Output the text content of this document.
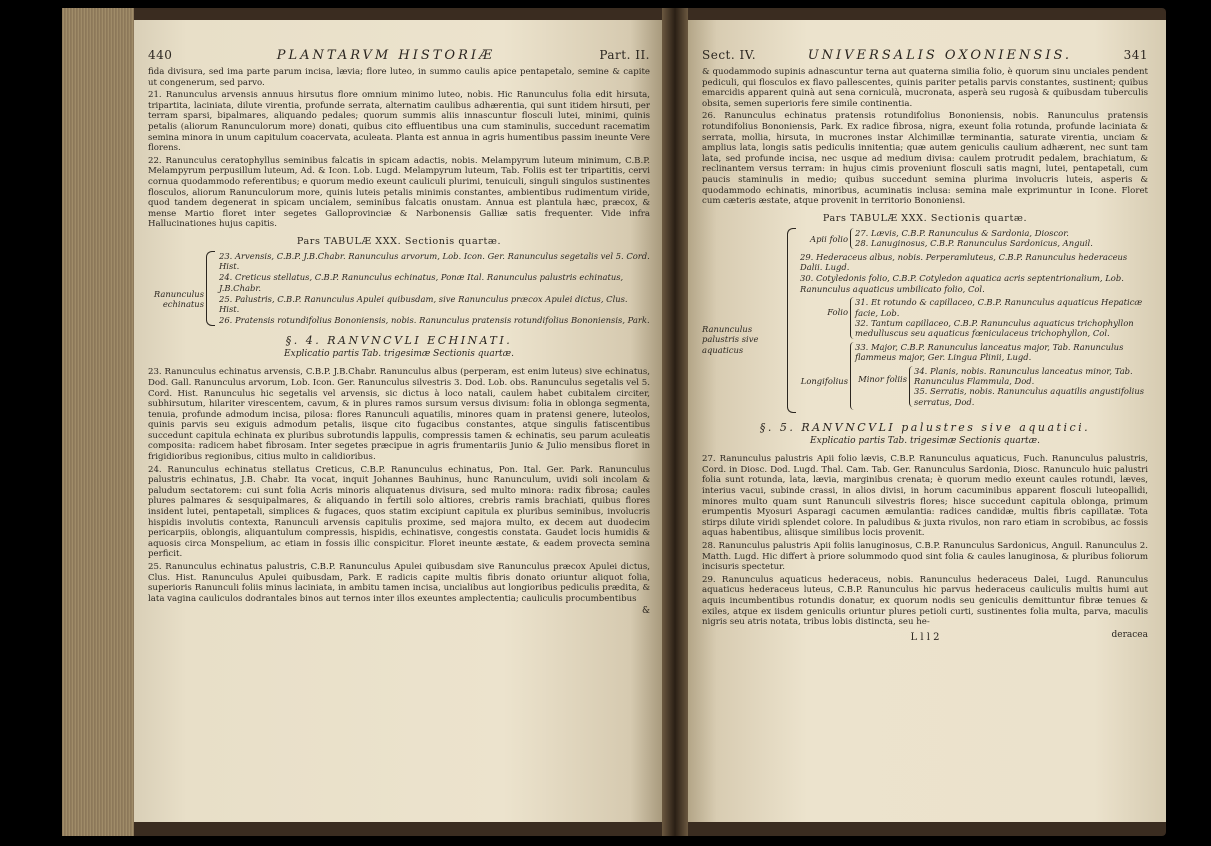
440	PLANTARVM HISTORIÆ	Part. II.

fida divisura, sed ima parte parum incisa, lævia; flore luteo, in summo caulis apice pentapetalo, semine & capite ut congenerum, sed parvo.

21. Ranunculus arvensis annuus hirsutus flore omnium minimo luteo, nobis. Hic Ranunculus folia edit hirsuta, tripartita, laciniata, dilute virentia, profunde serrata, alternatim caulibus adhærentia, qui sunt itidem hirsuti, per terram sparsi, bipalmares, aliquando pedales; quorum summis aliis innascuntur flosculi lutei, minimi, quinis petalis (aliorum Ranunculorum more) donati, quibus cito effluentibus una cum staminulis, succedunt racematim semina minora in unum capitulum coacervata, aculeata. Planta est annua in agris humentibus passim ineunte Vere florens.

22. Ranunculus ceratophyllus seminibus falcatis in spicam adactis, nobis. Melampyrum luteum minimum, C.B.P. Melampyrum perpusillum luteum, Ad. & Icon. Lob. Lugd. Melampyrum luteum, Tab. Foliis est ter tripartitis, cervi cornua quodammodo referentibus; e quorum medio exeunt cauliculi plurimi, tenuiculi, singuli singulos sustinentes flosculos, aliorum Ranunculorum more, quinis luteis petalis minimis constantes, ambientibus rudimentum viride, quod tandem degenerat in spicam uncialem, seminibus falcatis onustam. Annua est plantula hæc, præcox, & mense Martio floret inter segetes Galloprovinciæ & Narbonensis Galliæ satis frequenter. Vide infra Hallucinationes hujus capitis.

Pars TABULÆ XXX. Sectionis quartæ.
Ranunculus echinatus
23. Arvensis, C.B.P. J.B.Chabr. Ranunculus arvorum, Lob. Icon. Ger. Ranunculus segetalis vel 5. Cord. Hist.
24. Creticus stellatus, C.B.P. Ranunculus echinatus, Ponæ Ital. Ranunculus palustris echinatus, J.B.Chabr.
25. Palustris, C.B.P. Ranunculus Apulei quibusdam, sive Ranunculus præcox Apulei dictus, Clus. Hist.
26. Pratensis rotundifolius Bononiensis, nobis. Ranunculus pratensis rotundifolius Bononiensis, Park.
§. 4. RANVNCVLI ECHINATI.
Explicatio partis Tab. trigesimæ Sectionis quartæ.

23. Ranunculus echinatus arvensis, C.B.P. J.B.Chabr. Ranunculus albus (perperam, est enim luteus) sive echinatus, Dod. Gall. Ranunculus arvorum, Lob. Icon. Ger. Ranunculus silvestris 3. Dod. Lob. obs. Ranunculus segetalis vel 5. Cord. Hist. Ranunculus hic segetalis vel arvensis, sic dictus à loco natali, caulem habet cubitalem circiter, subhirsutum, hilariter virescentem, cavum, & in plures ramos sursum versus divisum: folia in oblonga segmenta, tenuia, profunde admodum incisa, pilosa: flores Ranunculi aquatilis, minores quam in pratensi genere, luteolos, quinis parvis seu exiguis admodum petalis, iisque cito fugacibus constantes, atque singulis fatiscentibus succedunt capitula echinata ex pluribus subrotundis lappulis, compressis tamen & echinatis, seu parum aculeatis composita: radicem habet fibrosam. Inter segetes præcipue in agris frumentariis Junio & Julio mensibus floret in frigidioribus regionibus, citius multo in calidioribus.

24. Ranunculus echinatus stellatus Creticus, C.B.P. Ranunculus echinatus, Pon. Ital. Ger. Park. Ranunculus palustris echinatus, J.B. Chabr. Ita vocat, inquit Johannes Bauhinus, hunc Ranunculum, uvidi soli incolam & paludum sectatorem: cui sunt folia Acris minoris aliquatenus divisura, sed multo minora: radix fibrosa; caules plures palmares & sesquipalmares, & aliquando in fertili solo altiores, crebris ramis brachiati, quibus flores insident lutei, pentapetali, simplices & fugaces, quos statim excipiunt capitula ex pluribus seminibus, involucris hispidis involutis contexta, Ranunculi arvensis capitulis proxime, sed majora multo, ex decem aut duodecim pericarpiis, oblongis, aliquantulum compressis, hispidis, echinatisve, congestis constata. Gaudet locis humidis & aquosis circa Monspelium, ac etiam in fossis illic conspicitur. Floret ineunte æstate, & eadem provecta semina perficit.

25. Ranunculus echinatus palustris, C.B.P. Ranunculus Apulei quibusdam sive Ranunculus præcox Apulei dictus, Clus. Hist. Ranunculus Apulei quibusdam, Park. E radicis capite multis fibris donato oriuntur aliquot folia, superioris Ranunculi foliis minus laciniata, in ambitu tamen incisa, uncialibus aut longioribus pediculis prædita, & lata vagina cauliculos dodrantales binos aut ternos inter illos exeuntes amplectentia; cauliculis procumbentibus

&
Sect. IV.	UNIVERSALIS OXONIENSIS.	341

& quodammodo supinis adnascuntur terna aut quaterna similia folio, è quorum sinu unciales pendent pediculi, qui flosculos ex flavo pallescentes, quinis pariter petalis parvis constantes, sustinent; quibus emarcidis apparent quinà aut sena corniculà, mucronata, asperà seu rugosà & quibusdam tuberculis obsita, semen superioris fere simile continentia.

26. Ranunculus echinatus pratensis rotundifolius Bononiensis, nobis. Ranunculus pratensis rotundifolius Bononiensis, Park. Ex radice fibrosa, nigra, exeunt folia rotunda, profunde laciniata & serrata, mollia, hirsuta, in mucrones instar Alchimillæ terminantia, saturate virentia, unciam & amplius lata, longis satis pediculis innitentia; quæ autem geniculis caulium adhærent, nec sunt tam lata, sed profunde incisa, nec usque ad medium divisa: caulem protrudit pedalem, brachiatum, & reclinantem versus terram: in hujus cimis proveniunt flosculi satis magni, lutei, pentapetali, cum paucis staminulis in medio; quibus succedunt semina plurima involucris luteis, asperis & quodammodo echinatis, minoribus, acuminatis inclusa: semina male exprimuntur in Icone. Floret cum cæteris æstate, atque provenit in territorio Bononiensi.

Pars TABULÆ XXX. Sectionis quartæ.
Ranunculus palustris sive aquaticus
Apii folio
27. Lævis, C.B.P. Ranunculus & Sardonia, Dioscor.
28. Lanuginosus, C.B.P. Ranunculus Sardonicus, Anguil.
29. Hederaceus albus, nobis. Perperamluteus, C.B.P. Ranunculus hederaceus Dalii. Lugd.
30. Cotyledonis folio, C.B.P. Cotyledon aquatica acris septentrionalium, Lob. Ranunculus aquaticus umbilicato folio, Col.
Folio
31. Et rotundo & capillaceo, C.B.P. Ranunculus aquaticus Hepaticæ facie, Lob.
32. Tantum capillaceo, C.B.P. Ranunculus aquaticus trichophyllon medulluscus seu aquaticus fœniculaceus trichophyllon, Col.
Longifolius
33. Major, C.B.P. Ranunculus lanceatus major, Tab. Ranunculus flammeus major, Ger. Lingua Plinii, Lugd.
Minor foliis
34. Planis, nobis. Ranunculus lanceatus minor, Tab. Ranunculus Flammula, Dod.
35. Serratis, nobis. Ranunculus aquatilis angustifolius serratus, Dod.
§. 5. RANVNCVLI palustres sive aquatici.
Explicatio partis Tab. trigesimæ Sectionis quartæ.

27. Ranunculus palustris Apii folio lævis, C.B.P. Ranunculus aquaticus, Fuch. Ranunculus palustris, Cord. in Diosc. Dod. Lugd. Thal. Cam. Tab. Ger. Ranunculus Sardonia, Diosc. Ranunculo huic palustri folia sunt rotunda, lata, lævia, marginibus crenata; è quorum medio exeunt caules rotundi, læves, interius vacui, subinde crassi, in alios divisi, in horum cacuminibus apparent flosculi luteopallidi, minores multo quam sunt Ranunculi silvestris flores; hisce succedunt capitula oblonga, primum erumpentis Myosuri Asparagi cacumen æmulantia: radices candidæ, multis fibris capillatæ. Tota stirps dilute viridi splendet colore. In paludibus & juxta rivulos, non raro etiam in scrobibus, ac fossis aquas habentibus, aliisque similibus locis provenit.

28. Ranunculus palustris Apii foliis lanuginosus, C.B.P. Ranunculus Sardonicus, Anguil. Ranunculus 2. Matth. Lugd. Hic differt à priore solummodo quod sint folia & caules lanuginosa, & pluribus foliorum incisuris spectetur.

29. Ranunculus aquaticus hederaceus, nobis. Ranunculus hederaceus Dalei, Lugd. Ranunculus aquaticus hederaceus luteus, C.B.P. Ranunculus hic parvus hederaceus cauliculis multis humi aut aquis incumbentibus rotundis donatur, ex quorum nodis seu geniculis demittuntur fibræ tenues & exiles, atque ex iisdem geniculis oriuntur plures petioli curti, sustinentes folia multa, parva, maculis nigris seu atris notata, tribus lobis distincta, seu he-

L l l 2	deracea
